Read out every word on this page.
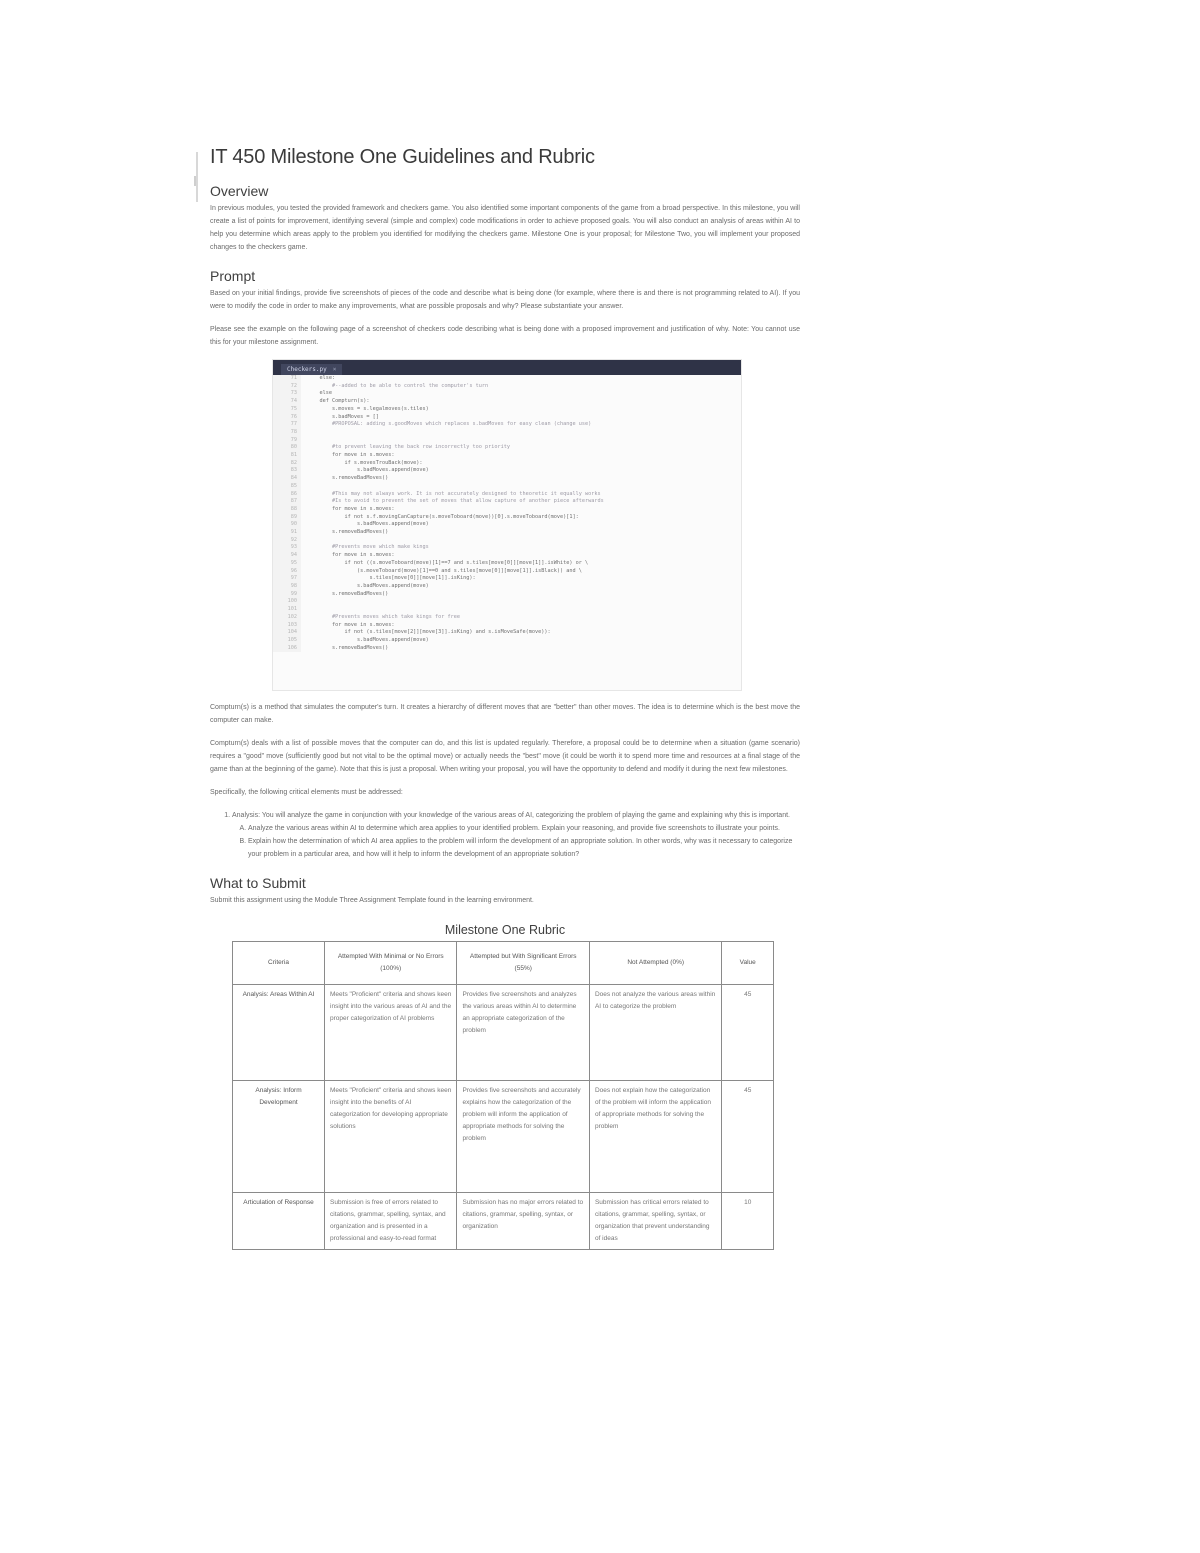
IT 450 Milestone One Guidelines and Rubric
Overview

In previous modules, you tested the provided framework and checkers game. You also identified some important components of the game from a broad perspective. In this milestone, you will create a list of points for improvement, identifying several (simple and complex) code modifications in order to achieve proposed goals. You will also conduct an analysis of areas within AI to help you determine which areas apply to the problem you identified for modifying the checkers game. Milestone One is your proposal; for Milestone Two, you will implement your proposed changes to the checkers game.

Prompt

Based on your initial findings, provide five screenshots of pieces of the code and describe what is being done (for example, where there is and there is not programming related to AI). If you were to modify the code in order to make any improvements, what are possible proposals and why? Please substantiate your answer.

Please see the example on the following page of a screenshot of checkers code describing what is being done with a proposed improvement and justification of why. Note: You cannot use this for your milestone assignment.

Checkers.py ×
71
72
73
74
75
76
77
78
79
80
81
82
83
84
85
86
87
88
89
90
91
92
93
94
95
96
97
98
99
100
101
102
103
104
105
106
else:
#--added to be able to control the computer's turn
else
def Compturn(s):
s.moves = s.legalmoves(s.tiles)
s.badMoves = []
#PROPOSAL: adding s.goodMoves which replaces s.badMoves for easy clean (change use)

#to prevent leaving the back row incorrectly too priority
for move in s.moves:
if s.movesTrouBack(move):
s.badMoves.append(move)
s.removeBadMoves()

#This may not always work. It is not accurately designed to theoretic it equally works
#Is to avoid to prevent the set of moves that allow capture of another piece afterwards
for move in s.moves:
if not s.f.movingCanCapture(s.moveToboard(move))[0].s.moveToboard(move)[1]:
s.badMoves.append(move)
s.removeBadMoves()

#Prevents move which make kings
for move in s.moves:
if not ((s.moveToboard(move)[1]==7 and s.tiles[move[0]][move[1]].isWhite) or \
(s.moveToboard(move)[1]==0 and s.tiles[move[0]][move[1]].isBlack)) and \
s.tiles[move[0]][move[1]].isKing):
s.badMoves.append(move)
s.removeBadMoves()

#Prevents moves which take kings for free
for move in s.moves:
if not (s.tiles[move[2]][move[3]].isKing) and s.isMoveSafe(move)):
s.badMoves.append(move)
s.removeBadMoves()

Compturn(s) is a method that simulates the computer's turn. It creates a hierarchy of different moves that are "better" than other moves. The idea is to determine which is the best move the computer can make.

Compturn(s) deals with a list of possible moves that the computer can do, and this list is updated regularly. Therefore, a proposal could be to determine when a situation (game scenario) requires a "good" move (sufficiently good but not vital to be the optimal move) or actually needs the "best" move (it could be worth it to spend more time and resources at a final stage of the game than at the beginning of the game). Note that this is just a proposal. When writing your proposal, you will have the opportunity to defend and modify it during the next few milestones.

Specifically, the following critical elements must be addressed:

1. Analysis: You will analyze the game in conjunction with your knowledge of the various areas of AI, categorizing the problem of playing the game and explaining why this is important.
A. Analyze the various areas within AI to determine which area applies to your identified problem. Explain your reasoning, and provide five screenshots to illustrate your points.
B. Explain how the determination of which AI area applies to the problem will inform the development of an appropriate solution. In other words, why was it necessary to categorize your problem in a particular area, and how will it help to inform the development of an appropriate solution?
What to Submit

Submit this assignment using the Module Three Assignment Template found in the learning environment.

Milestone One Rubric
Criteria	Attempted With Minimal or No Errors (100%)	Attempted but With Significant Errors (55%)	Not Attempted (0%)	Value
Analysis: Areas Within AI	Meets "Proficient" criteria and shows keen insight into the various areas of AI and the proper categorization of AI problems	Provides five screenshots and analyzes the various areas within AI to determine an appropriate categorization of the problem	Does not analyze the various areas within AI to categorize the problem	45
Analysis: Inform Development	Meets "Proficient" criteria and shows keen insight into the benefits of AI categorization for developing appropriate solutions	Provides five screenshots and accurately explains how the categorization of the problem will inform the application of appropriate methods for solving the problem	Does not explain how the categorization of the problem will inform the application of appropriate methods for solving the problem	45
Articulation of Response	Submission is free of errors related to citations, grammar, spelling, syntax, and organization and is presented in a professional and easy-to-read format	Submission has no major errors related to citations, grammar, spelling, syntax, or organization	Submission has critical errors related to citations, grammar, spelling, syntax, or organization that prevent understanding of ideas	10
